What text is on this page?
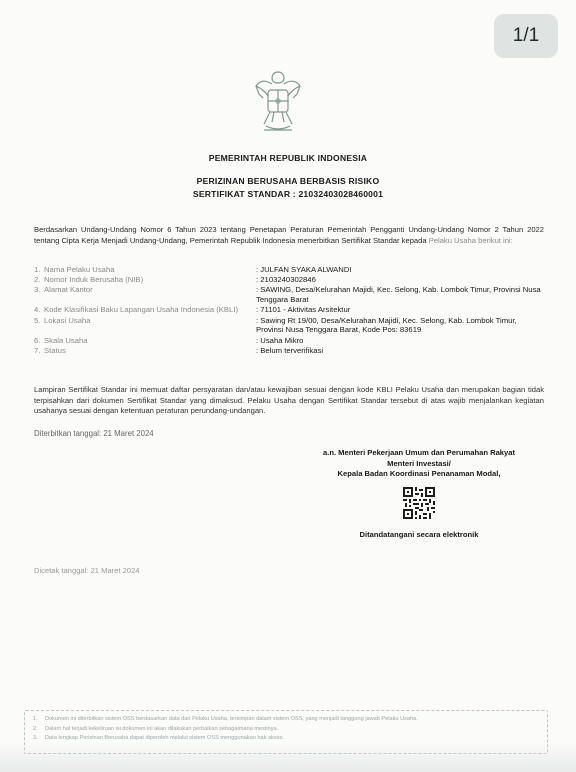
1/1
PEMERINTAH REPUBLIK INDONESIA
PERIZINAN BERUSAHA BERBASIS RISIKO
SERTIFIKAT STANDAR : 21032403028460001
Berdasarkan Undang-Undang Nomor 6 Tahun 2023 tentang Penetapan Peraturan Pemerintah Pengganti Undang-Undang Nomor 2 Tahun 2022 tentang Cipta Kerja Menjadi Undang-Undang, Pemerintah Republik Indonesia menerbitkan Sertifikat Standar kepada Pelaku Usaha berikut ini:
1. Nama Pelaku Usaha	: JULFAN SYAKA ALWANDI
2. Nomor Induk Berusaha (NIB)	: 2103240302846
3. Alamat Kantor	: SAWING, Desa/Kelurahan Majidi, Kec. Selong, Kab. Lombok Timur, Provinsi Nusa Tenggara Barat
4. Kode Klasifikasi Baku Lapangan Usaha Indonesia (KBLI)	: 71101 - Aktivitas Arsitektur
5. Lokasi Usaha	: Sawing Rt 19/00, Desa/Kelurahan Majidi, Kec. Selong, Kab. Lombok Timur, Provinsi Nusa Tenggara Barat, Kode Pos: 83619
6. Skala Usaha	: Usaha Mikro
7. Status	: Belum terverifikasi
Lampiran Sertifikat Standar ini memuat daftar persyaratan dan/atau kewajiban sesuai dengan kode KBLI Pelaku Usaha dan merupakan bagian tidak terpisahkan dari dokumen Sertifikat Standar yang dimaksud. Pelaku Usaha dengan Sertifikat Standar tersebut di atas wajib menjalankan kegiatan usahanya sesuai dengan ketentuan peraturan perundang-undangan.
Diterbitkan tanggal: 21 Maret 2024
a.n. Menteri Pekerjaan Umum dan Perumahan Rakyat
Menteri Investasi/
Kepala Badan Koordinasi Penanaman Modal,
Ditandatangani secara elektronik
Dicetak tanggal: 21 Maret 2024
1. Dokumen ini diterbitkan sistem OSS berdasarkan data dari Pelaku Usaha, tersimpan dalam sistem OSS, yang menjadi tanggung jawab Pelaku Usaha.
2. Dalam hal terjadi kekeliruan isi dokumen ini akan dilakukan perbaikan sebagaimana mestinya.
3. Data lengkap Perizinan Berusaha dapat diperoleh melalui sistem OSS menggunakan hak akses.
